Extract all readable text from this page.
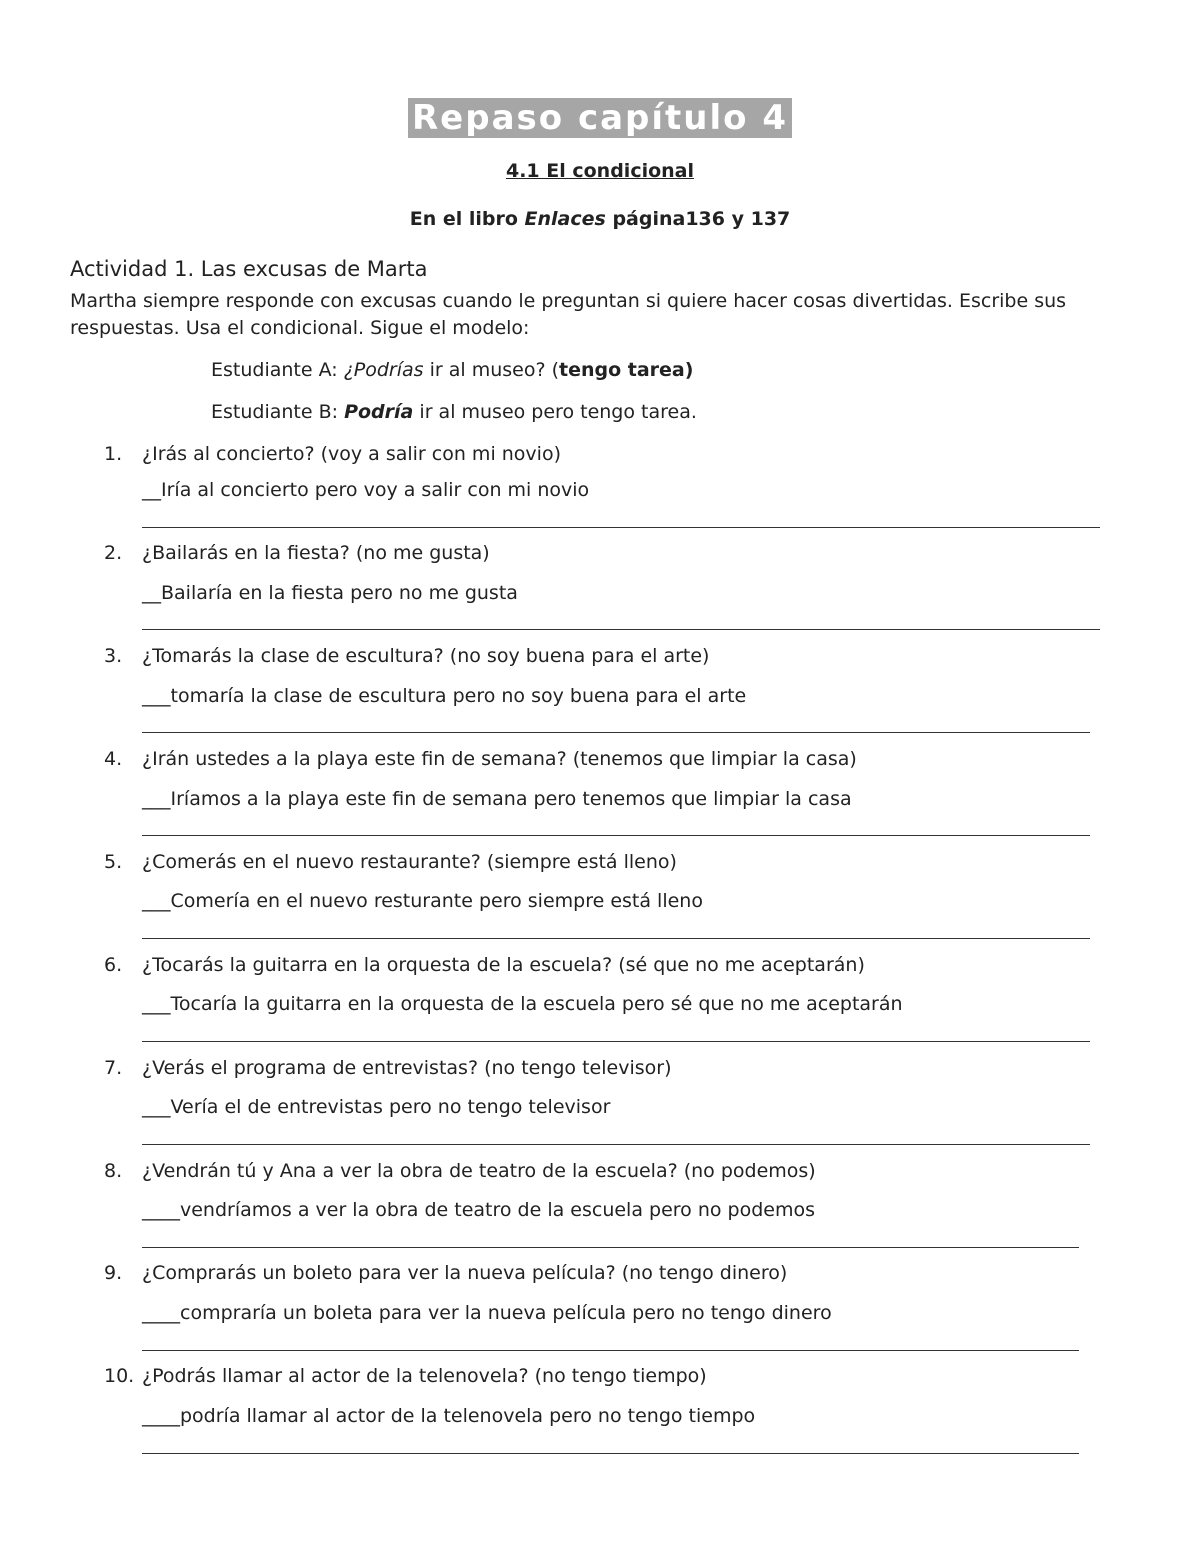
Repaso capítulo 4
4.1 El condicional
En el libro Enlaces página136 y 137
Actividad 1. Las excusas de Marta
Martha siempre responde con excusas cuando le preguntan si quiere hacer cosas divertidas. Escribe sus respuestas. Usa el condicional. Sigue el modelo:
Estudiante A: ¿Podrías ir al museo? (tengo tarea)
Estudiante B: Podría ir al museo pero tengo tarea.
1. ¿Irás al concierto? (voy a salir con mi novio)
__Iría al concierto pero voy a salir con mi novio
2. ¿Bailarás en la fiesta? (no me gusta)
__Bailaría en la fiesta pero no me gusta
3. ¿Tomarás la clase de escultura? (no soy buena para el arte)
___tomaría la clase de escultura pero no soy buena para el arte
4. ¿Irán ustedes a la playa este fin de semana? (tenemos que limpiar la casa)
___Iríamos a la playa este fin de semana pero tenemos que limpiar la casa
5. ¿Comerás en el nuevo restaurante? (siempre está lleno)
___Comería en el nuevo resturante pero siempre está lleno
6. ¿Tocarás la guitarra en la orquesta de la escuela? (sé que no me aceptarán)
___Tocaría la guitarra en la orquesta de la escuela pero sé que no me aceptarán
7. ¿Verás el programa de entrevistas? (no tengo televisor)
___Vería el de entrevistas pero no tengo televisor
8. ¿Vendrán tú y Ana a ver la obra de teatro de la escuela? (no podemos)
____vendríamos a ver la obra de teatro de la escuela pero no podemos
9. ¿Comprarás un boleto para ver la nueva película? (no tengo dinero)
____compraría un boleta para ver la nueva película pero no tengo dinero
10. ¿Podrás llamar al actor de la telenovela? (no tengo tiempo)
____podría llamar al actor de la telenovela pero no tengo tiempo
